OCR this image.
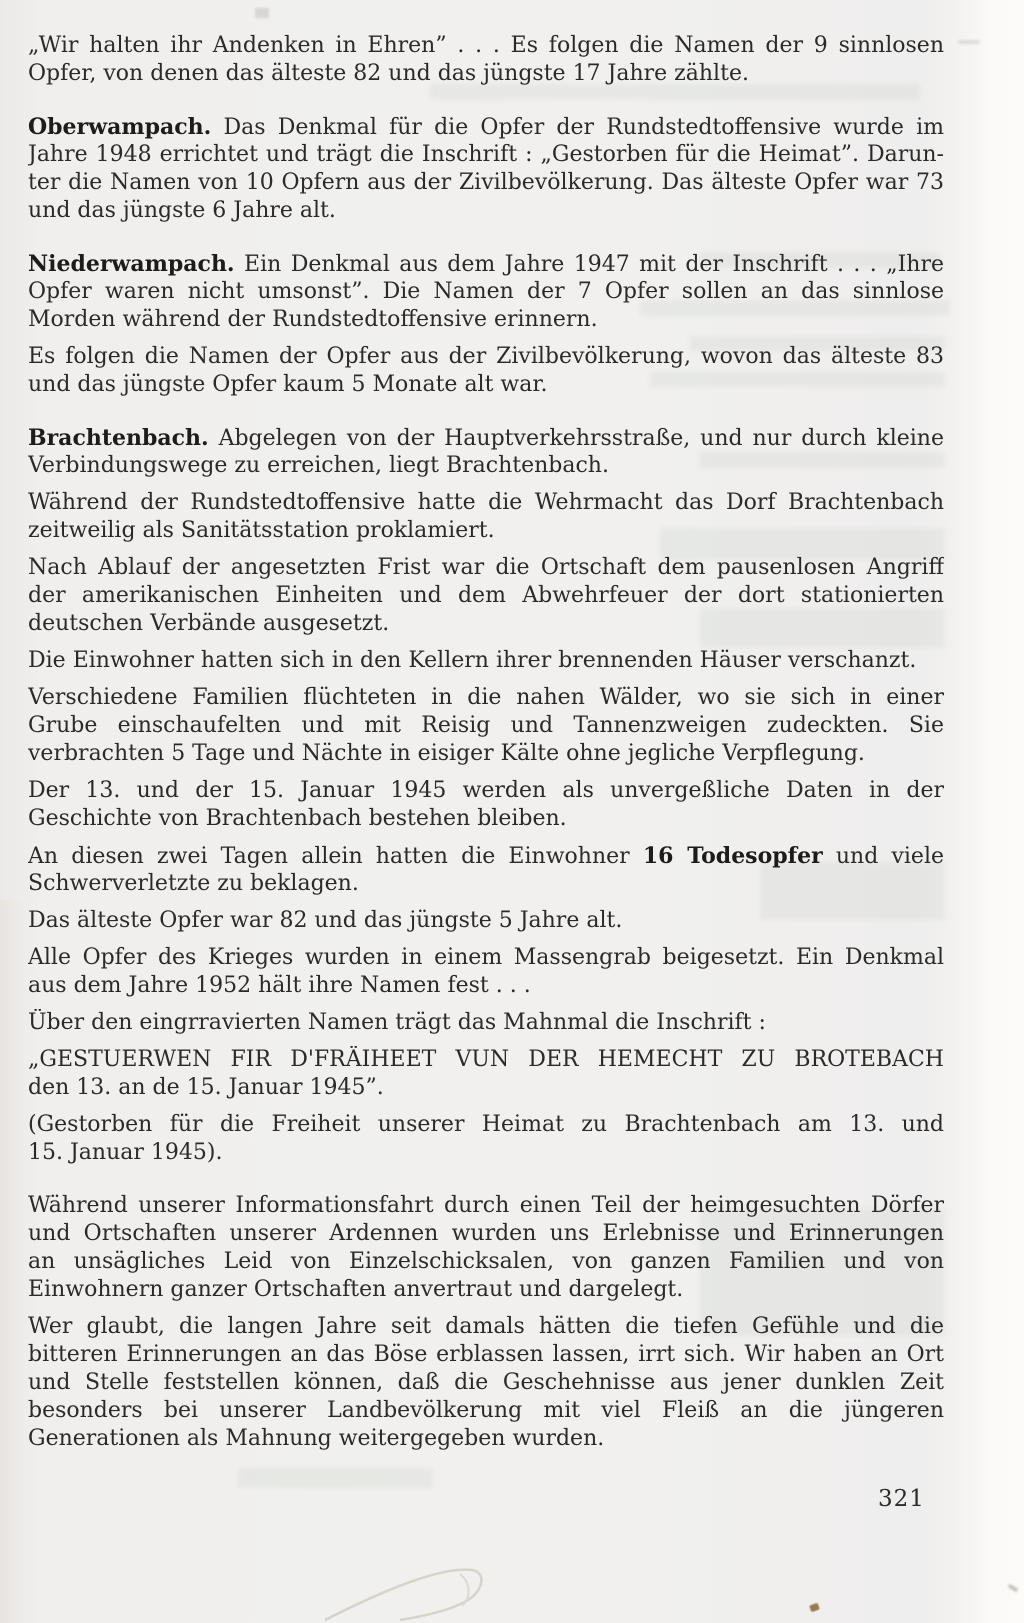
„Wir halten ihr Andenken in Ehren” . . . Es folgen die Namen der 9 sinnlosen
Opfer, von denen das älteste 82 und das jüngste 17 Jahre zählte.
Oberwampach. Das Denkmal für die Opfer der Rundstedtoffensive wurde im
Jahre 1948 errichtet und trägt die Inschrift : „Gestorben für die Heimat”. Darun-
ter die Namen von 10 Opfern aus der Zivilbevölkerung. Das älteste Opfer war 73
und das jüngste 6 Jahre alt.
Niederwampach. Ein Denkmal aus dem Jahre 1947 mit der Inschrift . . . „Ihre
Opfer waren nicht umsonst”. Die Namen der 7 Opfer sollen an das sinnlose
Morden während der Rundstedtoffensive erinnern.
Es folgen die Namen der Opfer aus der Zivilbevölkerung, wovon das älteste 83
und das jüngste Opfer kaum 5 Monate alt war.
Brachtenbach. Abgelegen von der Hauptverkehrsstraße, und nur durch kleine
Verbindungswege zu erreichen, liegt Brachtenbach.
Während der Rundstedtoffensive hatte die Wehrmacht das Dorf Brachtenbach
zeitweilig als Sanitätsstation proklamiert.
Nach Ablauf der angesetzten Frist war die Ortschaft dem pausenlosen Angriff
der amerikanischen Einheiten und dem Abwehrfeuer der dort stationierten
deutschen Verbände ausgesetzt.
Die Einwohner hatten sich in den Kellern ihrer brennenden Häuser verschanzt.
Verschiedene Familien flüchteten in die nahen Wälder, wo sie sich in einer
Grube einschaufelten und mit Reisig und Tannenzweigen zudeckten. Sie
verbrachten 5 Tage und Nächte in eisiger Kälte ohne jegliche Verpflegung.
Der 13. und der 15. Januar 1945 werden als unvergeßliche Daten in der
Geschichte von Brachtenbach bestehen bleiben.
An diesen zwei Tagen allein hatten die Einwohner 16 Todesopfer und viele
Schwerverletzte zu beklagen.
Das älteste Opfer war 82 und das jüngste 5 Jahre alt.
Alle Opfer des Krieges wurden in einem Massengrab beigesetzt. Ein Denkmal
aus dem Jahre 1952 hält ihre Namen fest . . .
Über den eingrravierten Namen trägt das Mahnmal die Inschrift :
„GESTUERWEN FIR D'FRÄIHEET VUN DER HEMECHT ZU BROTEBACH
den 13. an de 15. Januar 1945”.
(Gestorben für die Freiheit unserer Heimat zu Brachtenbach am 13. und
15. Januar 1945).
Während unserer Informationsfahrt durch einen Teil der heimgesuchten Dörfer
und Ortschaften unserer Ardennen wurden uns Erlebnisse und Erinnerungen
an unsägliches Leid von Einzelschicksalen, von ganzen Familien und von
Einwohnern ganzer Ortschaften anvertraut und dargelegt.
Wer glaubt, die langen Jahre seit damals hätten die tiefen Gefühle und die
bitteren Erinnerungen an das Böse erblassen lassen, irrt sich. Wir haben an Ort
und Stelle feststellen können, daß die Geschehnisse aus jener dunklen Zeit
besonders bei unserer Landbevölkerung mit viel Fleiß an die jüngeren
Generationen als Mahnung weitergegeben wurden.
321
